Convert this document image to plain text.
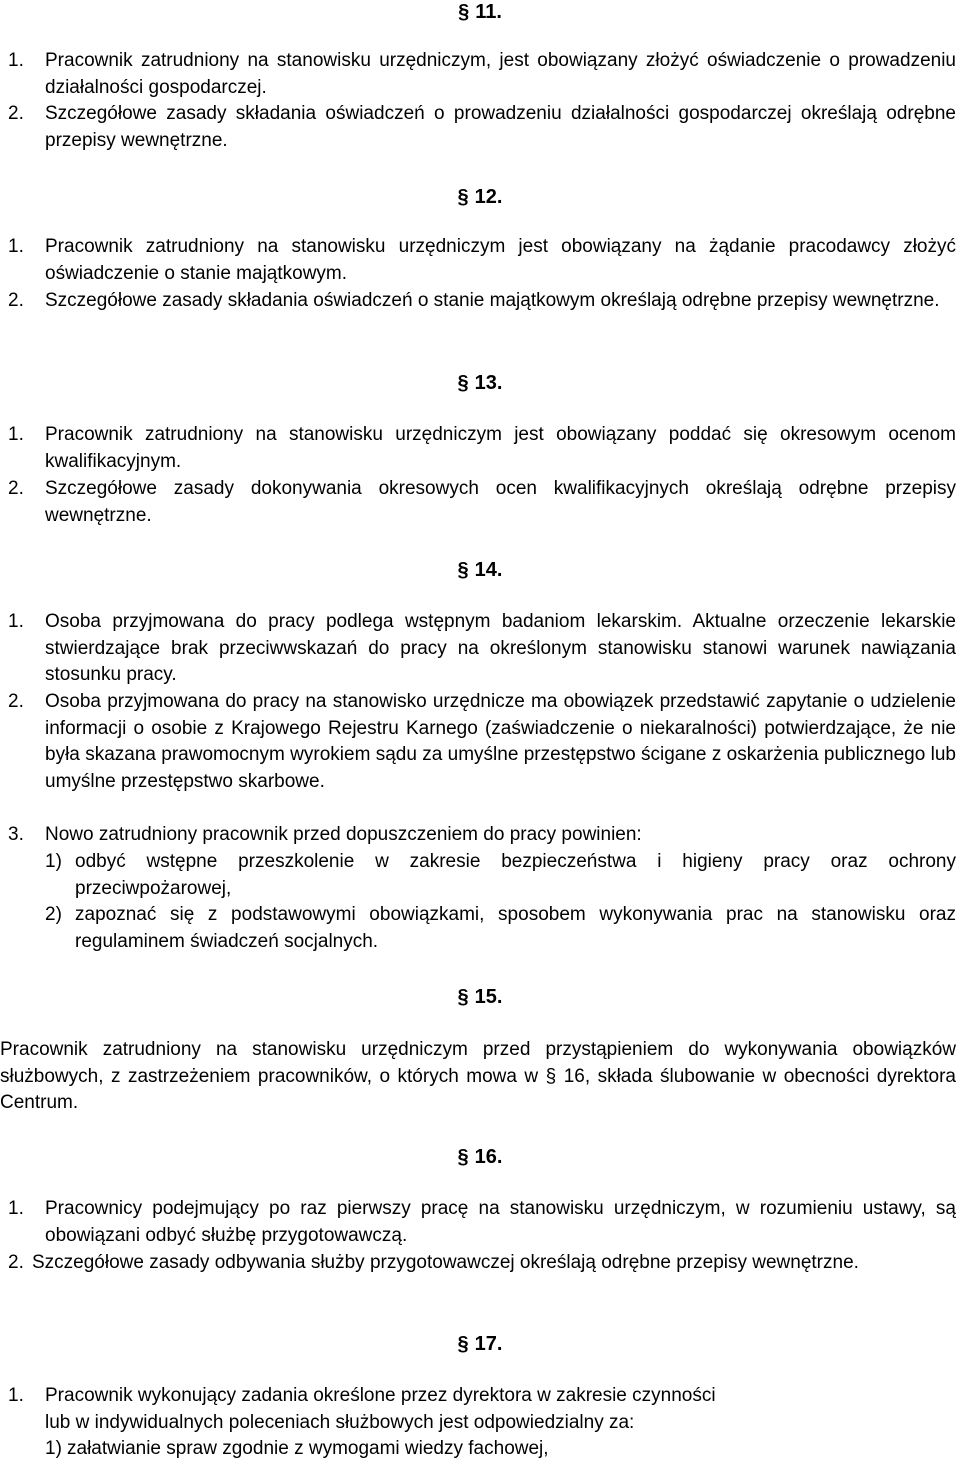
§ 11.
1. Pracownik zatrudniony na stanowisku urzędniczym, jest obowiązany złożyć oświadczenie o prowadzeniu działalności gospodarczej.
2. Szczegółowe zasady składania oświadczeń o prowadzeniu działalności gospodarczej określają odrębne przepisy wewnętrzne.
§ 12.
1. Pracownik zatrudniony na stanowisku urzędniczym jest obowiązany na żądanie pracodawcy złożyć oświadczenie o stanie majątkowym.
2. Szczegółowe zasady składania oświadczeń o stanie majątkowym określają odrębne przepisy wewnętrzne.
§ 13.
1. Pracownik zatrudniony na stanowisku urzędniczym jest obowiązany poddać się okresowym ocenom kwalifikacyjnym.
2. Szczegółowe zasady dokonywania okresowych ocen kwalifikacyjnych określają odrębne przepisy wewnętrzne.
§ 14.
1. Osoba przyjmowana do pracy podlega wstępnym badaniom lekarskim. Aktualne orzeczenie lekarskie stwierdzające brak przeciwwskazań do pracy na określonym stanowisku stanowi warunek nawiązania stosunku pracy.
2. Osoba przyjmowana do pracy na stanowisko urzędnicze ma obowiązek przedstawić zapytanie o udzielenie informacji o osobie z Krajowego Rejestru Karnego (zaświadczenie o niekaralności) potwierdzające, że nie była skazana prawomocnym wyrokiem sądu za umyślne przestępstwo ścigane z oskarżenia publicznego lub umyślne przestępstwo skarbowe.
3. Nowo zatrudniony pracownik przed dopuszczeniem do pracy powinien:
1) odbyć wstępne przeszkolenie w zakresie bezpieczeństwa i higieny pracy oraz ochrony przeciwpożarowej,
2) zapoznać się z podstawowymi obowiązkami, sposobem wykonywania prac na stanowisku oraz regulaminem świadczeń socjalnych.
§ 15.
Pracownik zatrudniony na stanowisku urzędniczym przed przystąpieniem do wykonywania obowiązków służbowych, z zastrzeżeniem pracowników, o których mowa w § 16, składa ślubowanie w obecności dyrektora Centrum.
§ 16.
1. Pracownicy podejmujący po raz pierwszy pracę na stanowisku urzędniczym, w rozumieniu ustawy, są obowiązani odbyć służbę przygotowawczą.
2. Szczegółowe zasady odbywania służby przygotowawczej określają odrębne przepisy wewnętrzne.
§ 17.
1. Pracownik wykonujący zadania określone przez dyrektora w zakresie czynności
lub w indywidualnych poleceniach służbowych jest odpowiedzialny za:
1) załatwianie spraw zgodnie z wymogami wiedzy fachowej,
